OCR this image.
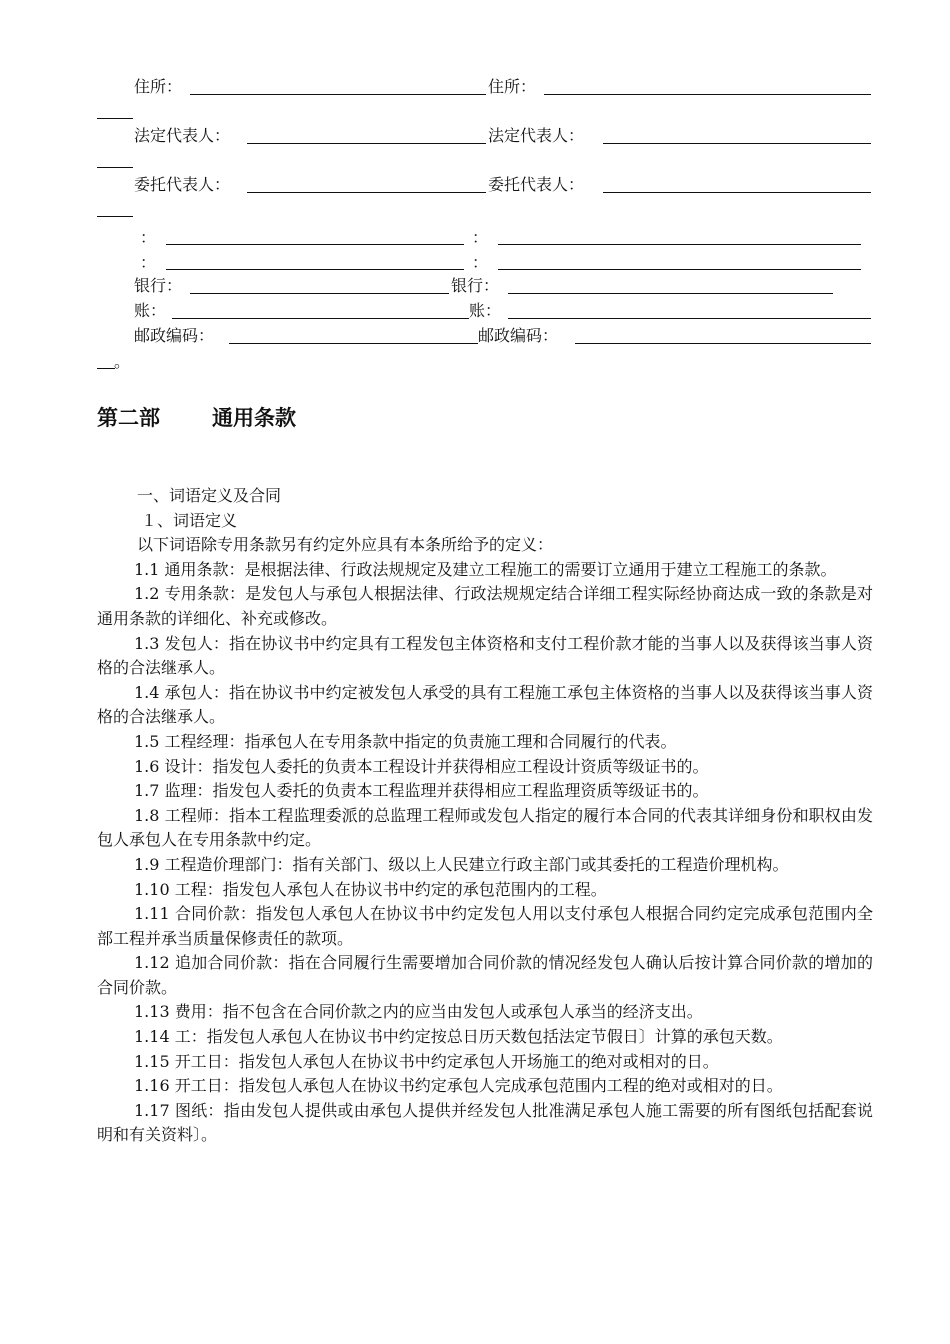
住所：	住所：
法定代表人：	法定代表人：
委托代表人：	委托代表人：
：	：
：	：
银行：	银行：
账：	账：
邮政编码：	邮政编码：
。
第二部 通用条款

一、词语定义及合同

１、词语定义

以下词语除专用条款另有约定外应具有本条所给予的定义：

1.1 通用条款：是根据法律、行政法规规定及建立工程施工的需要订立通用于建立工程施工的条款。

1.2 专用条款：是发包人与承包人根据法律、行政法规规定结合详细工程实际经协商达成一致的条款是对通用条款的详细化、补充或修改。

1.3 发包人：指在协议书中约定具有工程发包主体资格和支付工程价款才能的当事人以及获得该当事人资格的合法继承人。

1.4 承包人：指在协议书中约定被发包人承受的具有工程施工承包主体资格的当事人以及获得该当事人资格的合法继承人。

1.5 工程经理：指承包人在专用条款中指定的负责施工理和合同履行的代表。

1.6 设计：指发包人委托的负责本工程设计并获得相应工程设计资质等级证书的。

1.7 监理：指发包人委托的负责本工程监理并获得相应工程监理资质等级证书的。

1.8 工程师：指本工程监理委派的总监理工程师或发包人指定的履行本合同的代表其详细身份和职权由发包人承包人在专用条款中约定。

1.9 工程造价理部门：指有关部门、级以上人民建立行政主部门或其委托的工程造价理机构。

1.10 工程：指发包人承包人在协议书中约定的承包范围内的工程。

1.11 合同价款：指发包人承包人在协议书中约定发包人用以支付承包人根据合同约定完成承包范围内全部工程并承当质量保修责任的款项。

1.12 追加合同价款：指在合同履行生需要增加合同价款的情况经发包人确认后按计算合同价款的增加的合同价款。

1.13 费用：指不包含在合同价款之内的应当由发包人或承包人承当的经济支出。

1.14 工：指发包人承包人在协议书中约定按总日历天数包括法定节假日〕计算的承包天数。

1.15 开工日：指发包人承包人在协议书中约定承包人开场施工的绝对或相对的日。

1.16 开工日：指发包人承包人在协议书约定承包人完成承包范围内工程的绝对或相对的日。

1.17 图纸：指由发包人提供或由承包人提供并经发包人批准满足承包人施工需要的所有图纸包括配套说明和有关资料〕。
